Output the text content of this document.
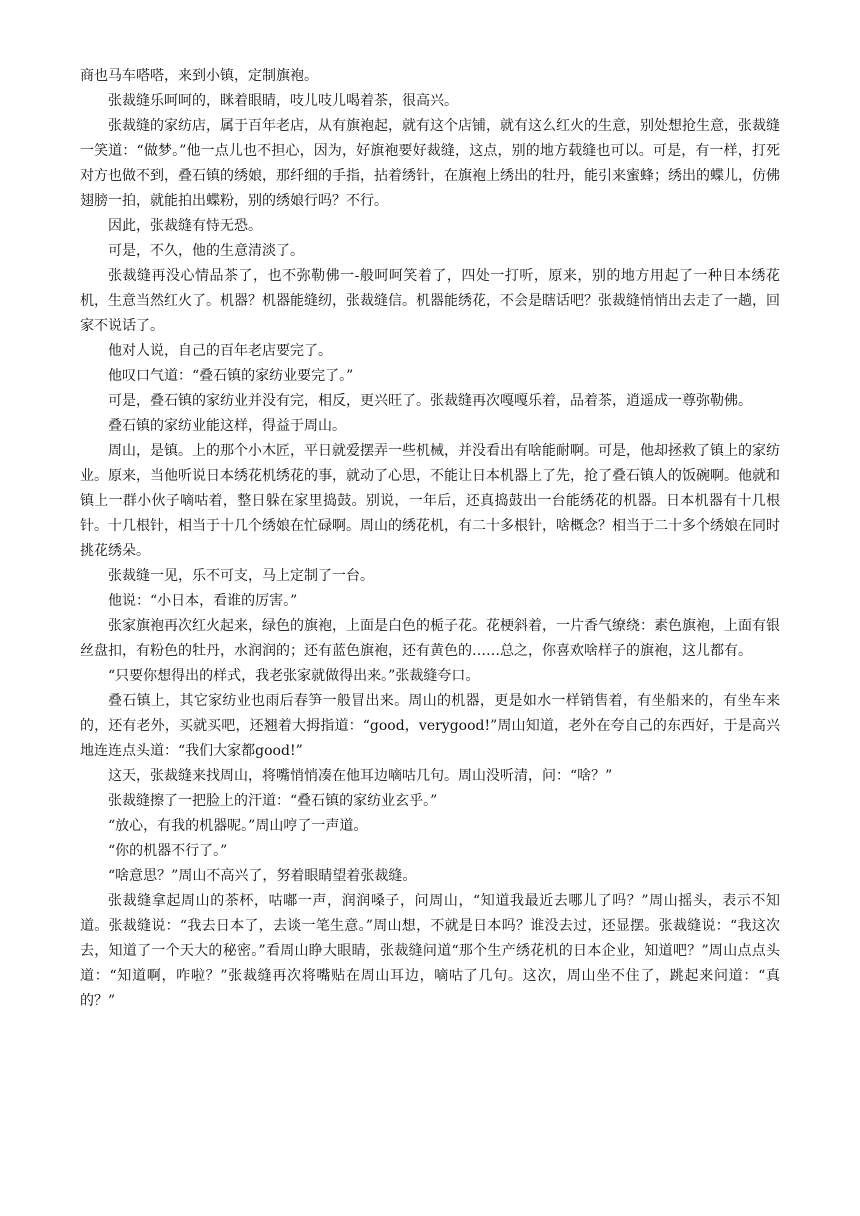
商也马车嗒嗒，来到小镇，定制旗袍。

张裁缝乐呵呵的，眯着眼睛，吱儿吱儿喝着茶，很高兴。

张裁缝的家纺店，属于百年老店，从有旗袍起，就有这个店铺，就有这么红火的生意，别处想抢生意，张裁缝一笑道：“做梦。”他一点儿也不担心，因为，好旗袍要好裁缝，这点，别的地方载缝也可以。可是，有一样，打死对方也做不到，叠石镇的绣娘，那纤细的手指，拈着绣针，在旗袍上绣出的牡丹，能引来蜜蜂；绣出的蝶儿，仿佛翅膀一拍，就能拍出蝶粉，别的绣娘行吗？不行。

因此，张裁缝有恃无恐。

可是，不久，他的生意清淡了。

张裁缝再没心情品茶了，也不弥勒佛一-般呵呵笑着了，四处一打听，原来，别的地方用起了一种日本绣花机，生意当然红火了。机器？机器能缝纫，张裁缝信。机器能绣花，不会是瞎话吧？张裁缝悄悄出去走了一趟，回家不说话了。

他对人说，自己的百年老店要完了。

他叹口气道：“叠石镇的家纺业要完了。”

可是，叠石镇的家纺业并没有完，相反，更兴旺了。张裁缝再次嘎嘎乐着，品着茶，逍遥成一尊弥勒佛。

叠石镇的家纺业能这样，得益于周山。

周山，是镇。上的那个小木匠，平日就爱摆弄一些机械，并没看出有啥能耐啊。可是，他却拯救了镇上的家纺业。原来，当他听说日本绣花机绣花的事，就动了心思，不能让日本机器上了先，抢了叠石镇人的饭碗啊。他就和镇上一群小伙子嘀咕着，整日躲在家里捣鼓。别说，一年后，还真捣鼓出一台能绣花的机器。日本机器有十几根针。十几根针，相当于十几个绣娘在忙碌啊。周山的绣花机，有二十多根针，啥概念？相当于二十多个绣娘在同时挑花绣朵。

张裁缝一见，乐不可支，马上定制了一台。

他说：“小日本，看谁的厉害。”

张家旗袍再次红火起来，绿色的旗袍，上面是白色的栀子花。花梗斜着，一片香气缭绕：素色旗袍，上面有银丝盘扣，有粉色的牡丹，水润润的；还有蓝色旗袍，还有黄色的……总之，你喜欢啥样子的旗袍，这儿都有。

“只要你想得出的样式，我老张家就做得出来。”张裁缝夸口。

叠石镇上，其它家纺业也雨后春笋一般冒出来。周山的机器，更是如水一样销售着，有坐船来的，有坐车来的，还有老外，买就买吧，还翘着大拇指道：“good，verygood!”周山知道，老外在夸自己的东西好，于是高兴地连连点头道：“我们大家都good!”

这天，张裁缝来找周山，将嘴悄悄凑在他耳边嘀咕几句。周山没听清，问：“啥？”

张裁缝擦了一把脸上的汗道：“叠石镇的家纺业玄乎。”

“放心，有我的机器呢。”周山哼了一声道。

“你的机器不行了。”

“啥意思？”周山不高兴了，努着眼睛望着张裁缝。

张裁缝拿起周山的茶杯，咕嘟一声，润润嗓子，问周山，“知道我最近去哪儿了吗？”周山摇头，表示不知道。张裁缝说：“我去日本了，去谈一笔生意。”周山想，不就是日本吗？谁没去过，还显摆。张裁缝说：“我这次去，知道了一个天大的秘密。”看周山睁大眼睛，张裁缝问道“那个生产绣花机的日本企业，知道吧？”周山点点头道：“知道啊，咋啦？”张裁缝再次将嘴贴在周山耳边，嘀咕了几句。这次，周山坐不住了，跳起来问道：“真的？”
